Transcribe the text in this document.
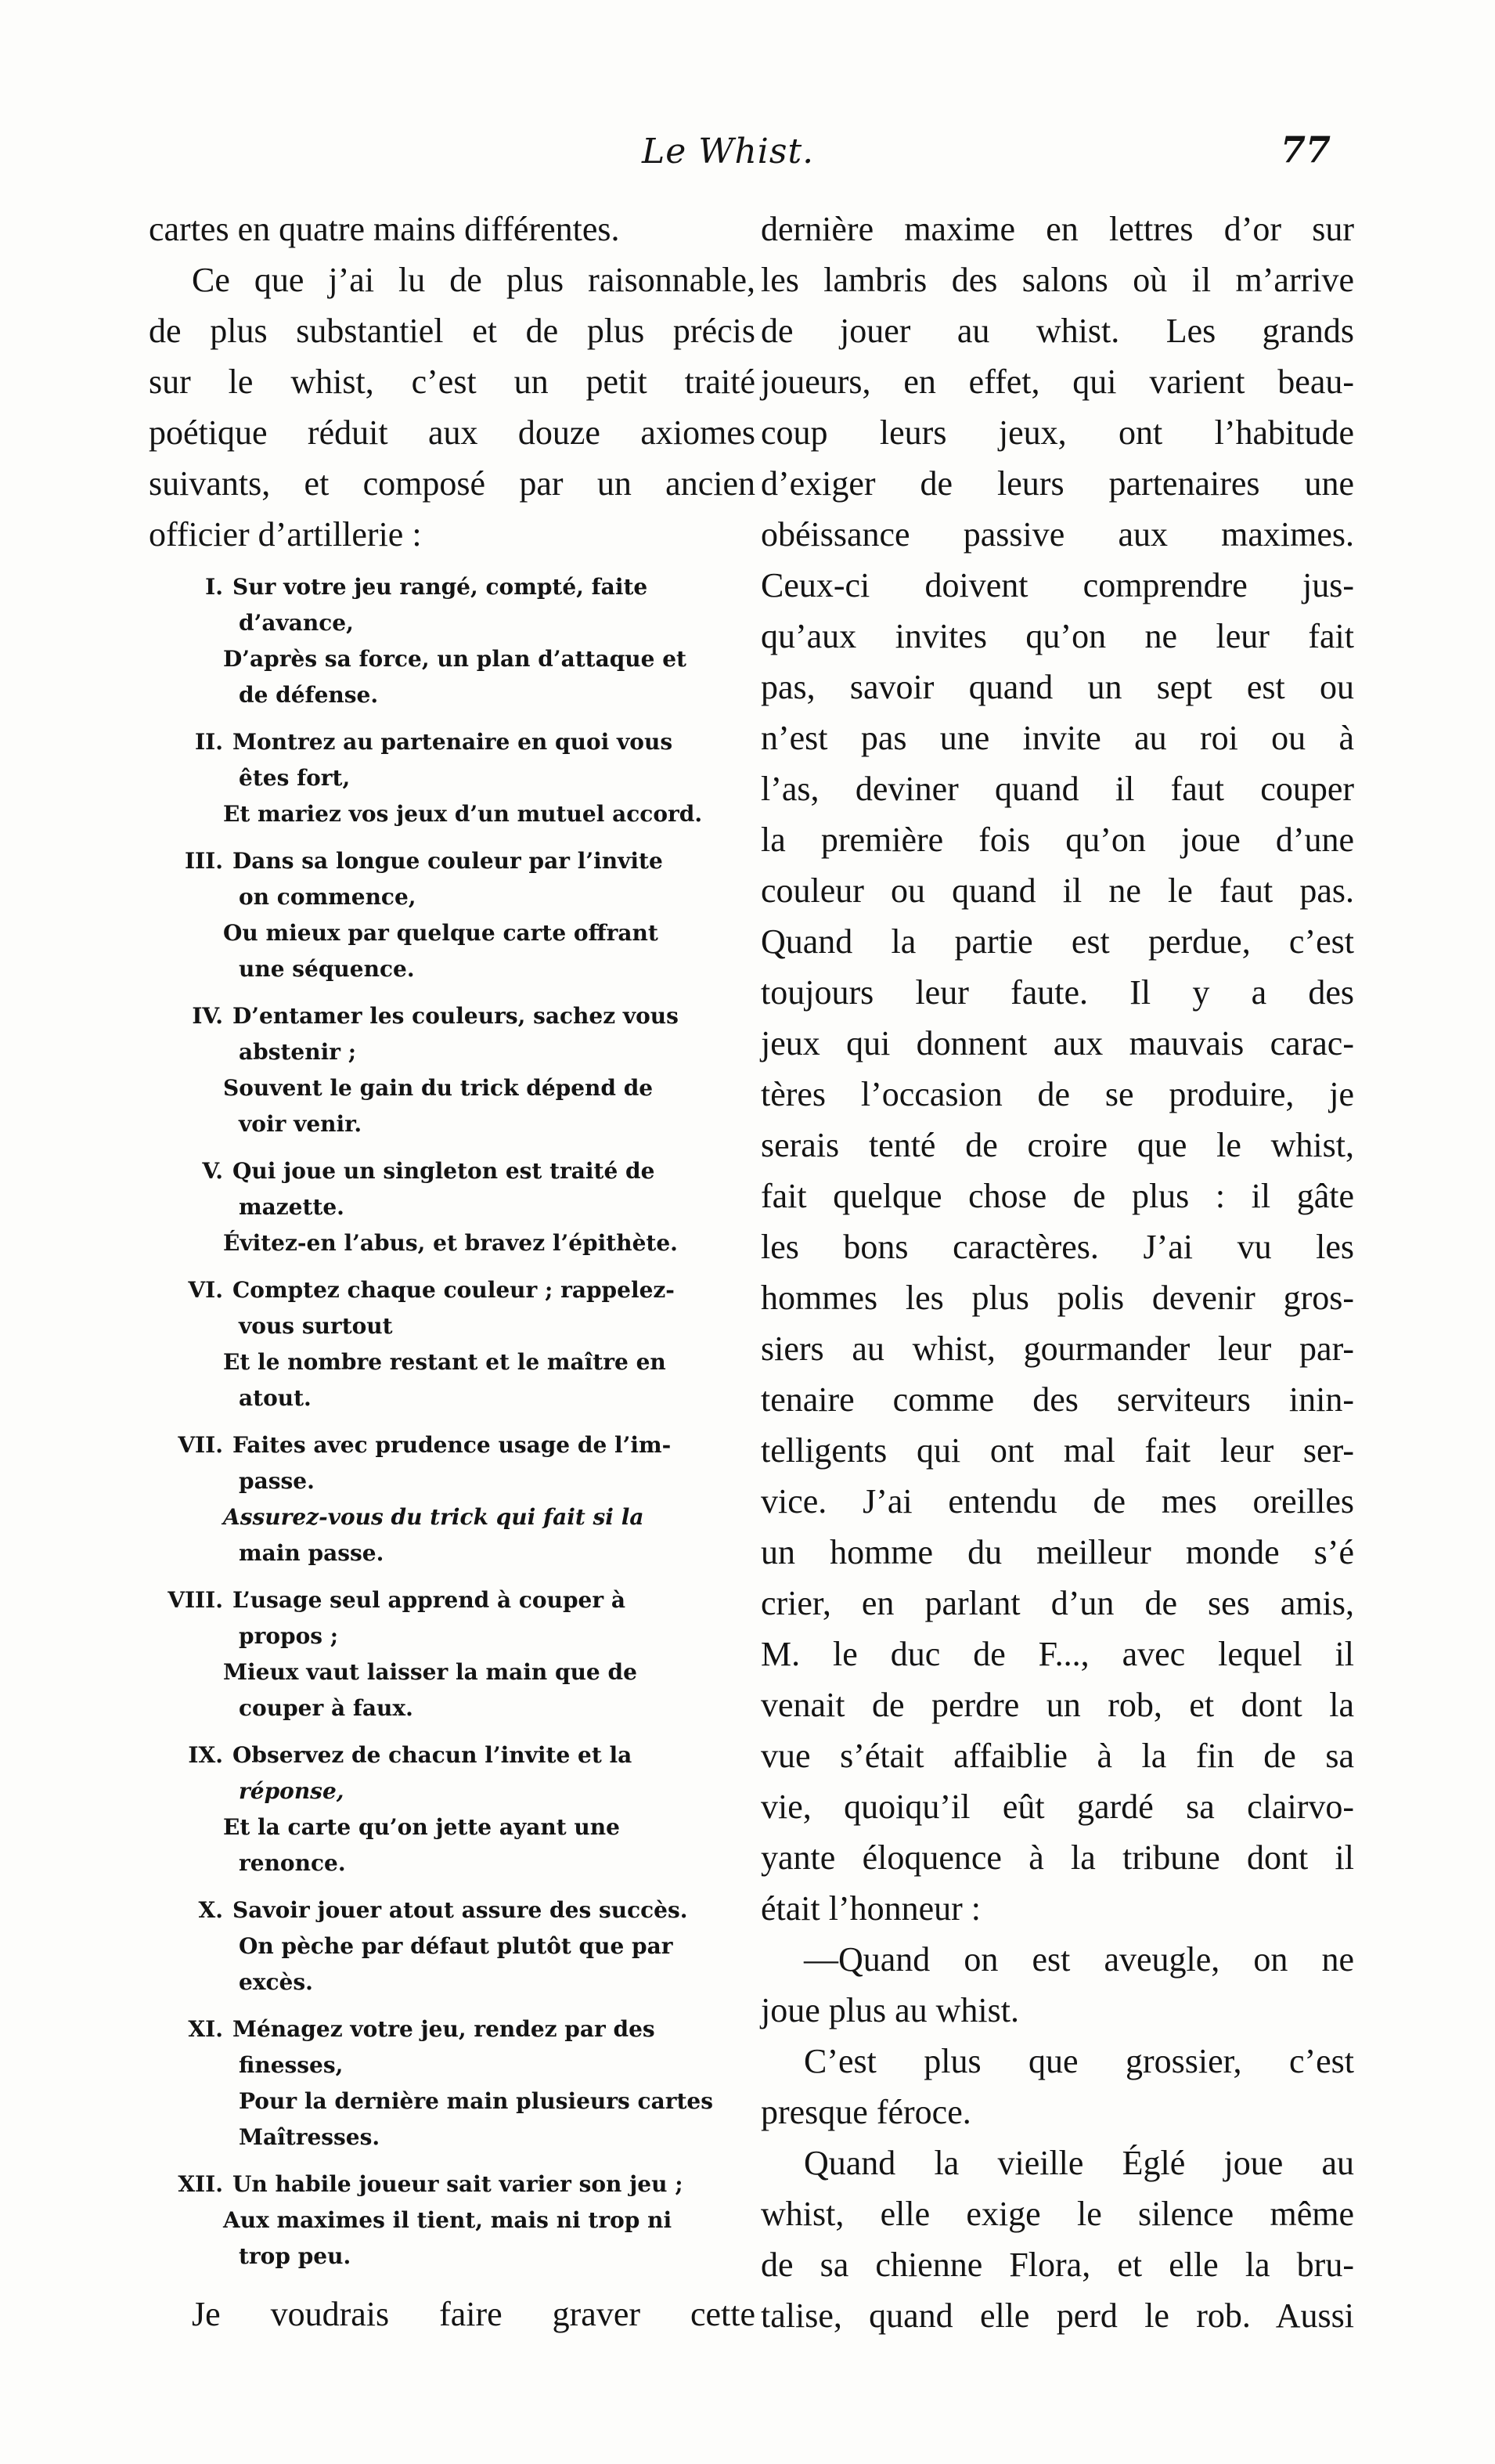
Le Whist.	77

cartes en quatre mains différentes.

Ce que j’ai lu de plus raisonnable,
de plus substantiel et de plus précis
sur le whist, c’est un petit traité
poétique réduit aux douze axiomes
suivants, et composé par un ancien
officier d’artillerie :

I. Sur votre jeu rangé, compté, faite
d’avance,
D’après sa force, un plan d’attaque et
de défense.
II. Montrez au partenaire en quoi vous
êtes fort,
Et mariez vos jeux d’un mutuel accord.
III. Dans sa longue couleur par l’invite
on commence,
Ou mieux par quelque carte offrant
une séquence.
IV. D’entamer les couleurs, sachez vous
abstenir ;
Souvent le gain du trick dépend de
voir venir.
V. Qui joue un singleton est traité de
mazette.
Évitez-en l’abus, et bravez l’épithète.
VI. Comptez chaque couleur ; rappelez-
vous surtout
Et le nombre restant et le maître en
atout.
VII. Faites avec prudence usage de l’im-
passe.
Assurez-vous du trick qui fait si la
main passe.
VIII. L’usage seul apprend à couper à
propos ;
Mieux vaut laisser la main que de
couper à faux.
IX. Observez de chacun l’invite et la
réponse,
Et la carte qu’on jette ayant une
renonce.
X. Savoir jouer atout assure des succès.
On pèche par défaut plutôt que par
excès.
XI. Ménagez votre jeu, rendez par des
finesses,
Pour la dernière main plusieurs cartes
Maîtresses.
XII. Un habile joueur sait varier son jeu ;
Aux maximes il tient, mais ni trop ni
trop peu.

Je voudrais faire graver cette

dernière maxime en lettres d’or sur
les lambris des salons où il m’arrive
de jouer au whist. Les grands
joueurs, en effet, qui varient beau-
coup leurs jeux, ont l’habitude
d’exiger de leurs partenaires une
obéissance passive aux maximes.
Ceux-ci doivent comprendre jus-
qu’aux invites qu’on ne leur fait
pas, savoir quand un sept est ou
n’est pas une invite au roi ou à
l’as, deviner quand il faut couper
la première fois qu’on joue d’une
couleur ou quand il ne le faut pas.
Quand la partie est perdue, c’est
toujours leur faute. Il y a des
jeux qui donnent aux mauvais carac-
tères l’occasion de se produire, je
serais tenté de croire que le whist,
fait quelque chose de plus : il gâte
les bons caractères. J’ai vu les
hommes les plus polis devenir gros-
siers au whist, gourmander leur par-
tenaire comme des serviteurs inin-
telligents qui ont mal fait leur ser-
vice. J’ai entendu de mes oreilles
un homme du meilleur monde s’é
crier, en parlant d’un de ses amis,
M. le duc de F..., avec lequel il
venait de perdre un rob, et dont la
vue s’était affaiblie à la fin de sa
vie, quoiqu’il eût gardé sa clairvo-
yante éloquence à la tribune dont il
était l’honneur :

—Quand on est aveugle, on ne
joue plus au whist.

C’est plus que grossier, c’est
presque féroce.

Quand la vieille Églé joue au
whist, elle exige le silence même
de sa chienne Flora, et elle la bru-
talise, quand elle perd le rob. Aussi
